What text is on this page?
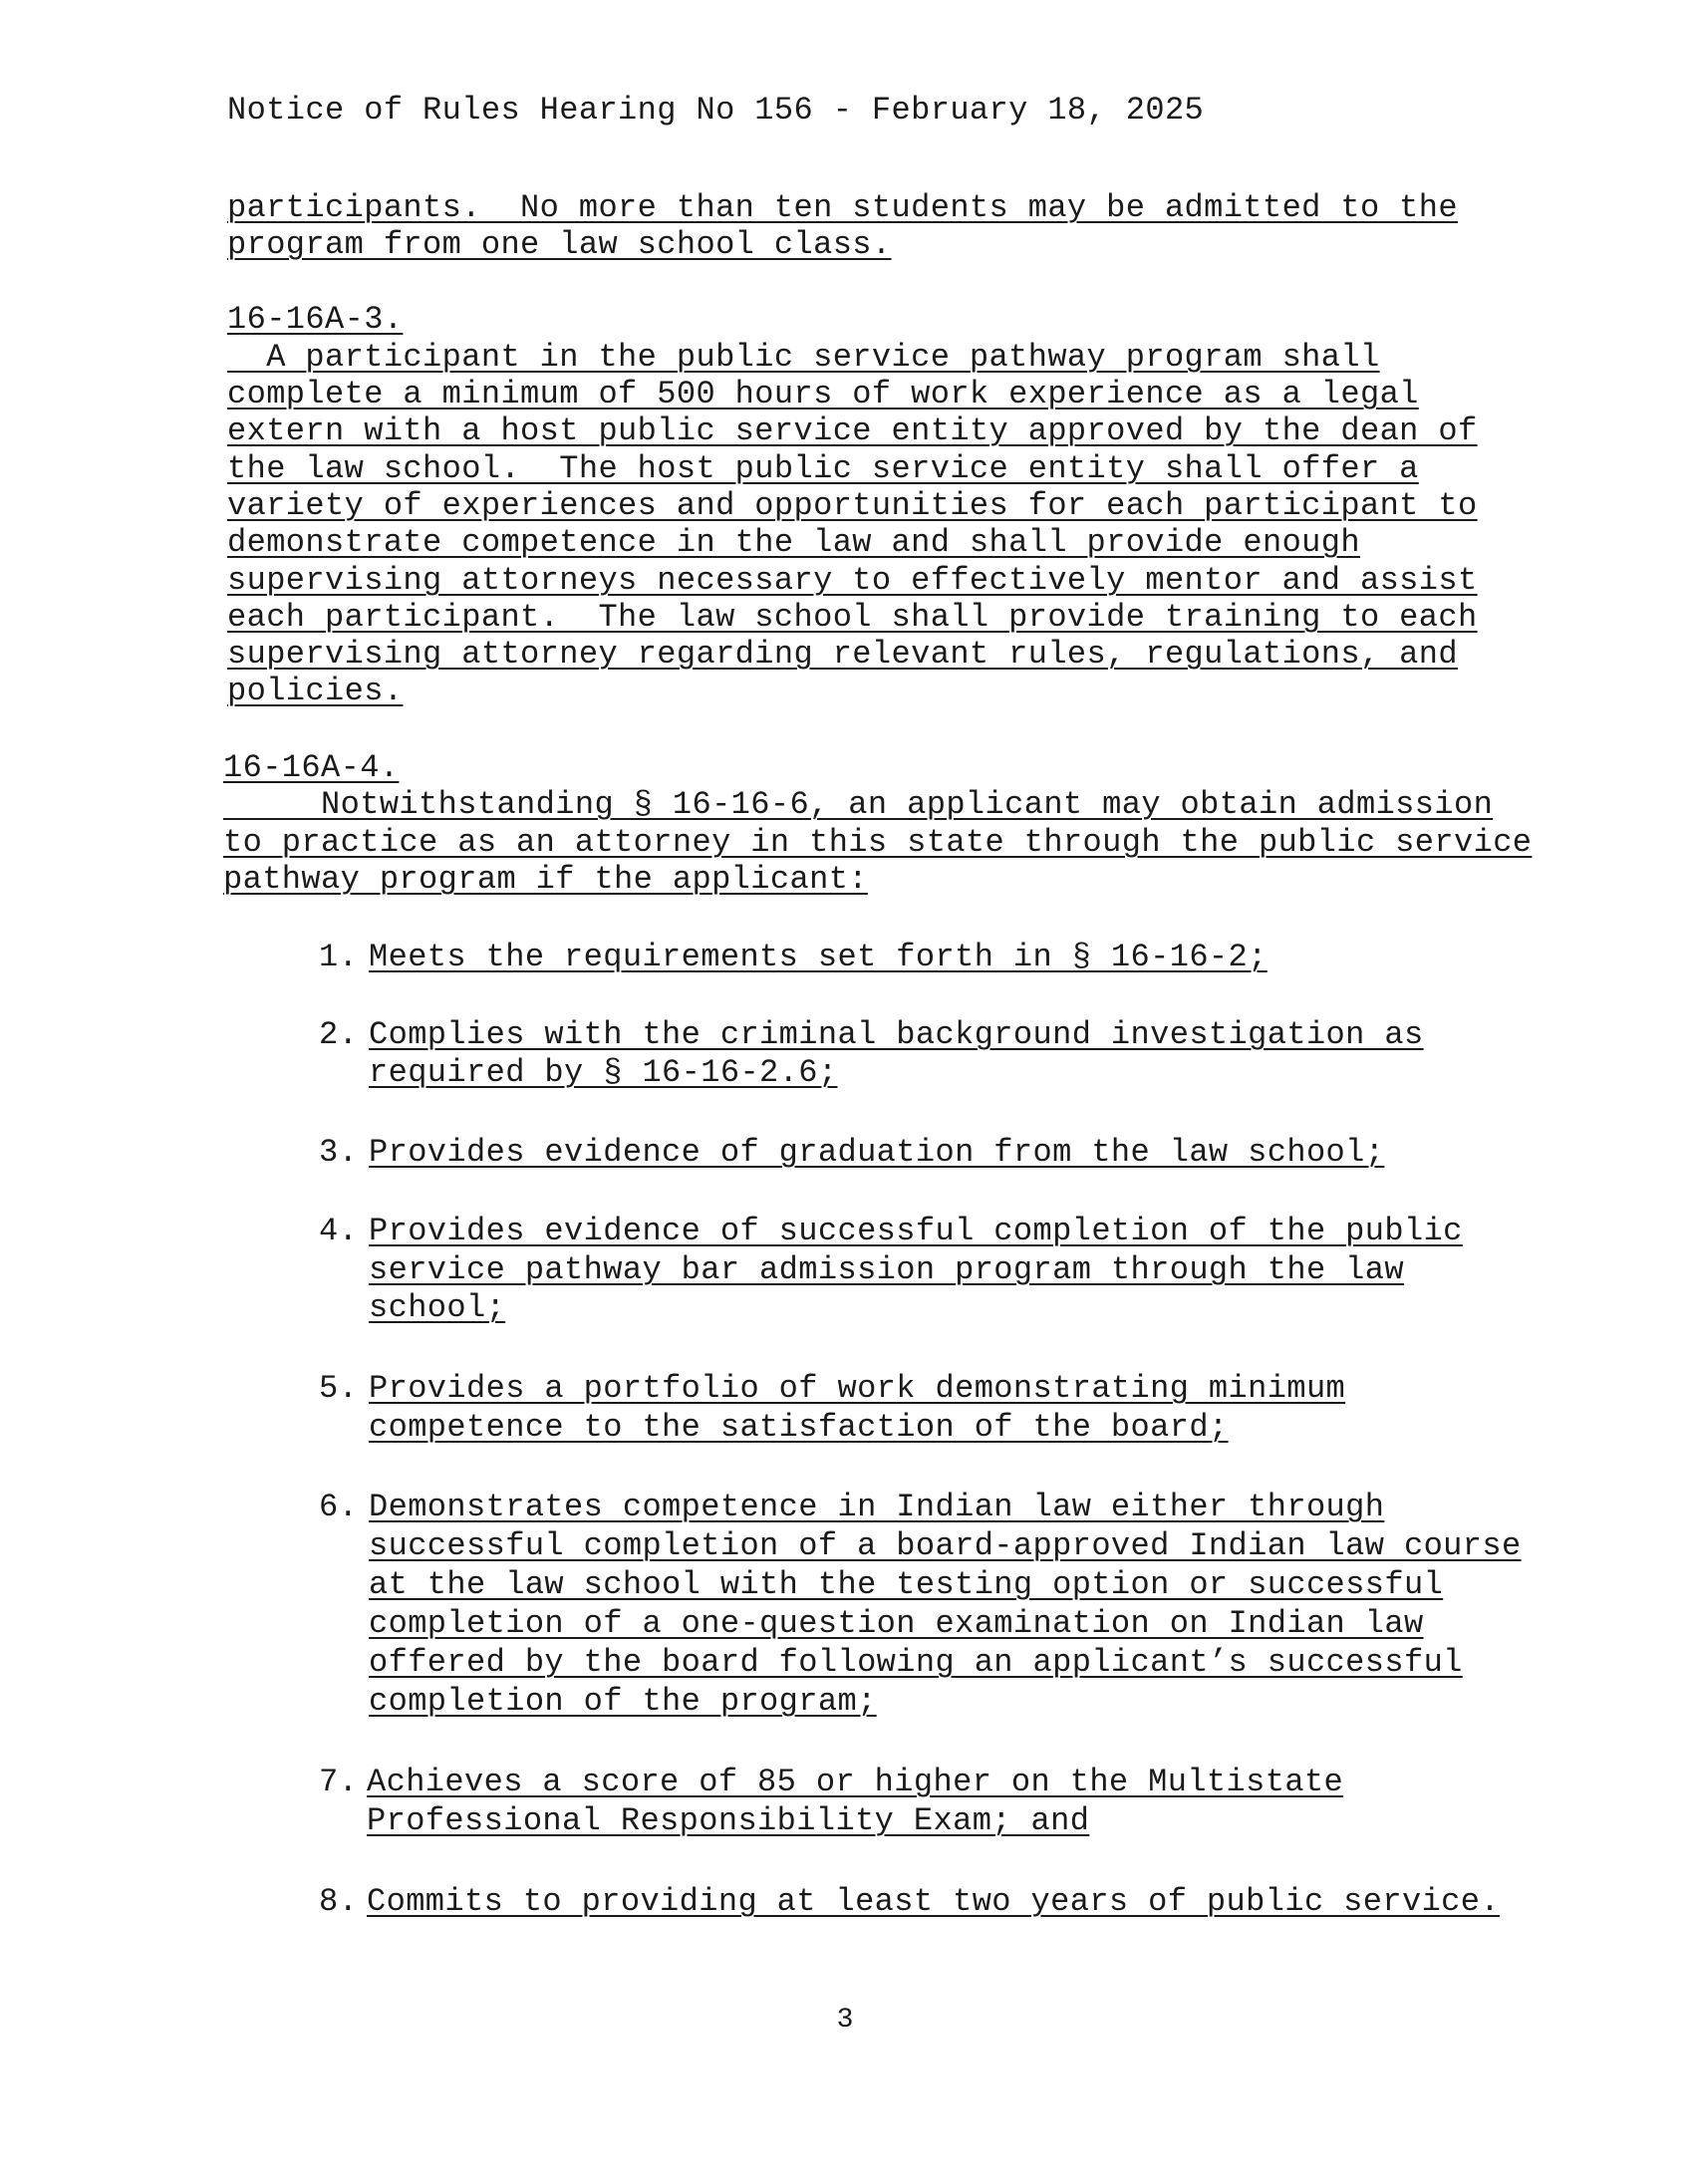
Notice of Rules Hearing No 156 - February 18, 2025
participants.  No more than ten students may be admitted to the
program from one law school class.
16-16A-3.
A participant in the public service pathway program shall
complete a minimum of 500 hours of work experience as a legal
extern with a host public service entity approved by the dean of
the law school.  The host public service entity shall offer a
variety of experiences and opportunities for each participant to
demonstrate competence in the law and shall provide enough
supervising attorneys necessary to effectively mentor and assist
each participant.  The law school shall provide training to each
supervising attorney regarding relevant rules, regulations, and
policies.
16-16A-4.
Notwithstanding § 16-16-6, an applicant may obtain admission
to practice as an attorney in this state through the public service
pathway program if the applicant:
1. Meets the requirements set forth in § 16-16-2;
2. Complies with the criminal background investigation as
required by § 16-16-2.6;
3. Provides evidence of graduation from the law school;
4. Provides evidence of successful completion of the public
service pathway bar admission program through the law
school;
5. Provides a portfolio of work demonstrating minimum
competence to the satisfaction of the board;
6. Demonstrates competence in Indian law either through
successful completion of a board-approved Indian law course
at the law school with the testing option or successful
completion of a one-question examination on Indian law
offered by the board following an applicant’s successful
completion of the program;
7. Achieves a score of 85 or higher on the Multistate
Professional Responsibility Exam; and
8. Commits to providing at least two years of public service.
3
